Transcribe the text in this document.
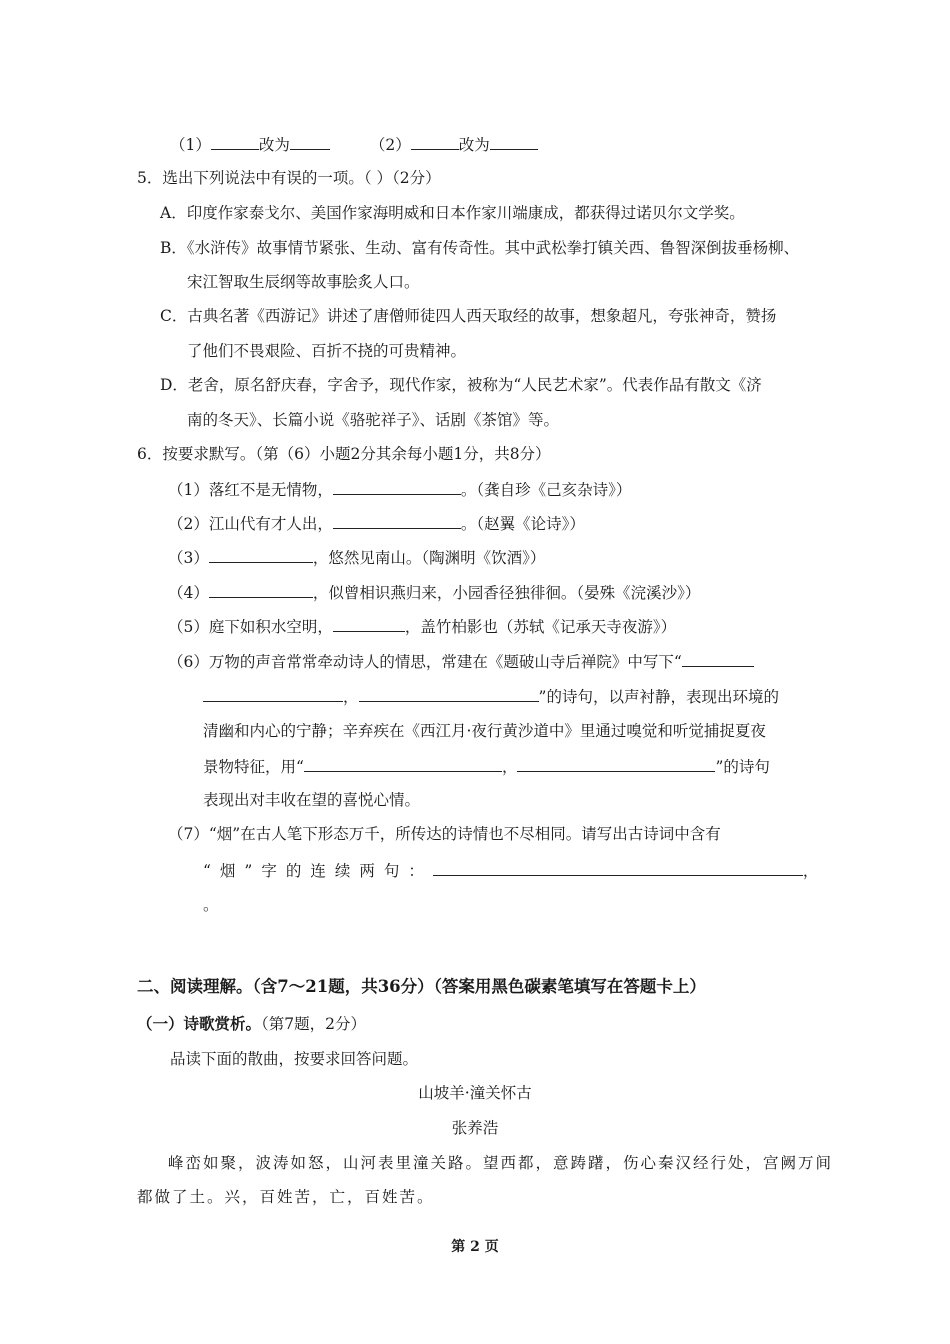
（1）	改为	（2）	改为
5．选出下列说法中有误的一项。（ ）（2分）
A．印度作家泰戈尔、美国作家海明威和日本作家川端康成，都获得过诺贝尔文学奖。
B．《水浒传》故事情节紧张、生动、富有传奇性。其中武松拳打镇关西、鲁智深倒拔垂杨柳、
宋江智取生辰纲等故事脍炙人口。
C．古典名著《西游记》讲述了唐僧师徒四人西天取经的故事，想象超凡，夸张神奇，赞扬
了他们不畏艰险、百折不挠的可贵精神。
D．老舍，原名舒庆春，字舍予，现代作家，被称为“人民艺术家”。代表作品有散文《济
南的冬天》、长篇小说《骆驼祥子》、话剧《茶馆》等。
6．按要求默写。（第（6）小题2分其余每小题1分，共8分）
（1）落红不是无情物，	。（龚自珍《己亥杂诗》）
（2）江山代有才人出，	。（赵翼《论诗》）
（3）	，悠然见南山。（陶渊明《饮酒》）
（4）	，似曾相识燕归来，小园香径独徘徊。（晏殊《浣溪沙》）
（5）庭下如积水空明，	，盖竹柏影也（苏轼《记承天寺夜游》）
（6）万物的声音常常牵动诗人的情思，常建在《题破山寺后禅院》中写下“
，	”的诗句，以声衬静，表现出环境的
清幽和内心的宁静；辛弃疾在《西江月·夜行黄沙道中》里通过嗅觉和听觉捕捉夏夜
景物特征，用“	，	”的诗句
表现出对丰收在望的喜悦心情。
（7）“烟”在古人笔下形态万千，所传达的诗情也不尽相同。请写出古诗词中含有
“烟”字的连续两句：	，
。
二、阅读理解。（含7～21题，共36分）（答案用黑色碳素笔填写在答题卡上）
（一）诗歌赏析。（第7题，2分）
品读下面的散曲，按要求回答问题。
山坡羊·潼关怀古
张养浩
峰峦如聚，波涛如怒，山河表里潼关路。望西都，意踌躇，伤心秦汉经行处，宫阙万间
都做了土。兴，百姓苦，亡，百姓苦。
第 2 页
